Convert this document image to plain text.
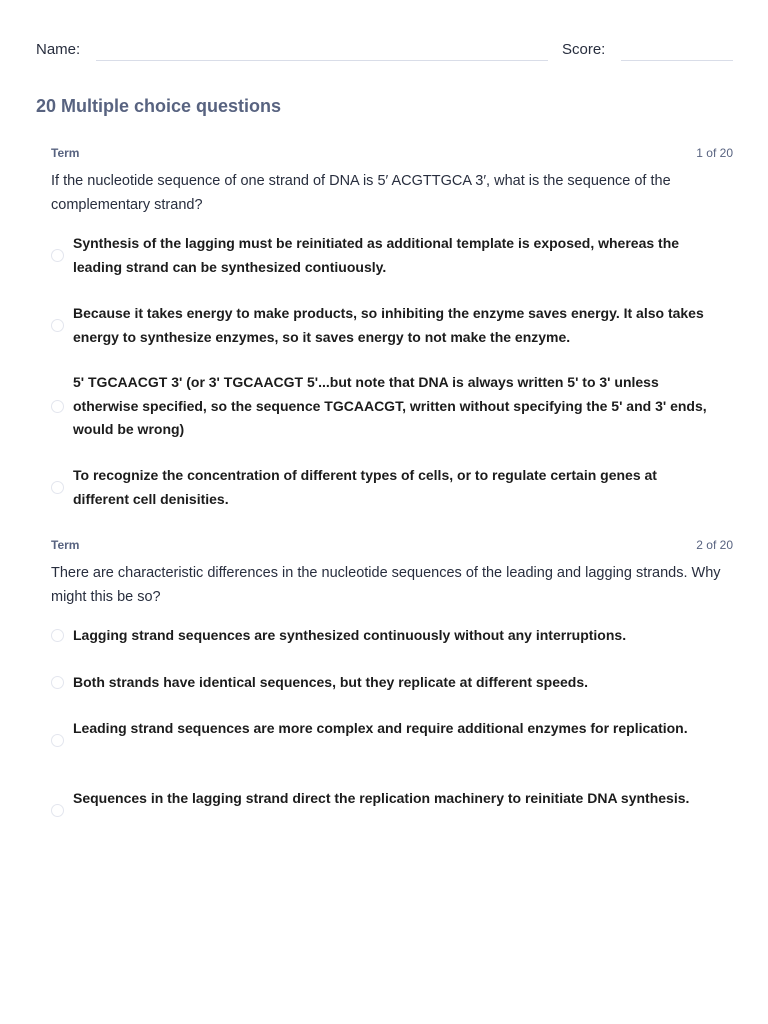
Name:	Score:
20 Multiple choice questions
Term	1 of 20

If the nucleotide sequence of one strand of DNA is 5′ ACGTTGCA 3′, what is the sequence of the complementary strand?

Synthesis of the lagging must be reinitiated as additional template is exposed, whereas the leading strand can be synthesized contiuously.
Because it takes energy to make products, so inhibiting the enzyme saves energy. It also takes energy to synthesize enzymes, so it saves energy to not make the enzyme.
5' TGCAACGT 3' (or 3' TGCAACGT 5'...but note that DNA is always written 5' to 3' unless otherwise specified, so the sequence TGCAACGT, written without specifying the 5' and 3' ends, would be wrong)
To recognize the concentration of different types of cells, or to regulate certain genes at different cell denisities.
Term	2 of 20

There are characteristic differences in the nucleotide sequences of the leading and lagging strands. Why might this be so?

Lagging strand sequences are synthesized continuously without any interruptions.
Both strands have identical sequences, but they replicate at different speeds.
Leading strand sequences are more complex and require additional enzymes for replication.
Sequences in the lagging strand direct the replication machinery to reinitiate DNA synthesis.
